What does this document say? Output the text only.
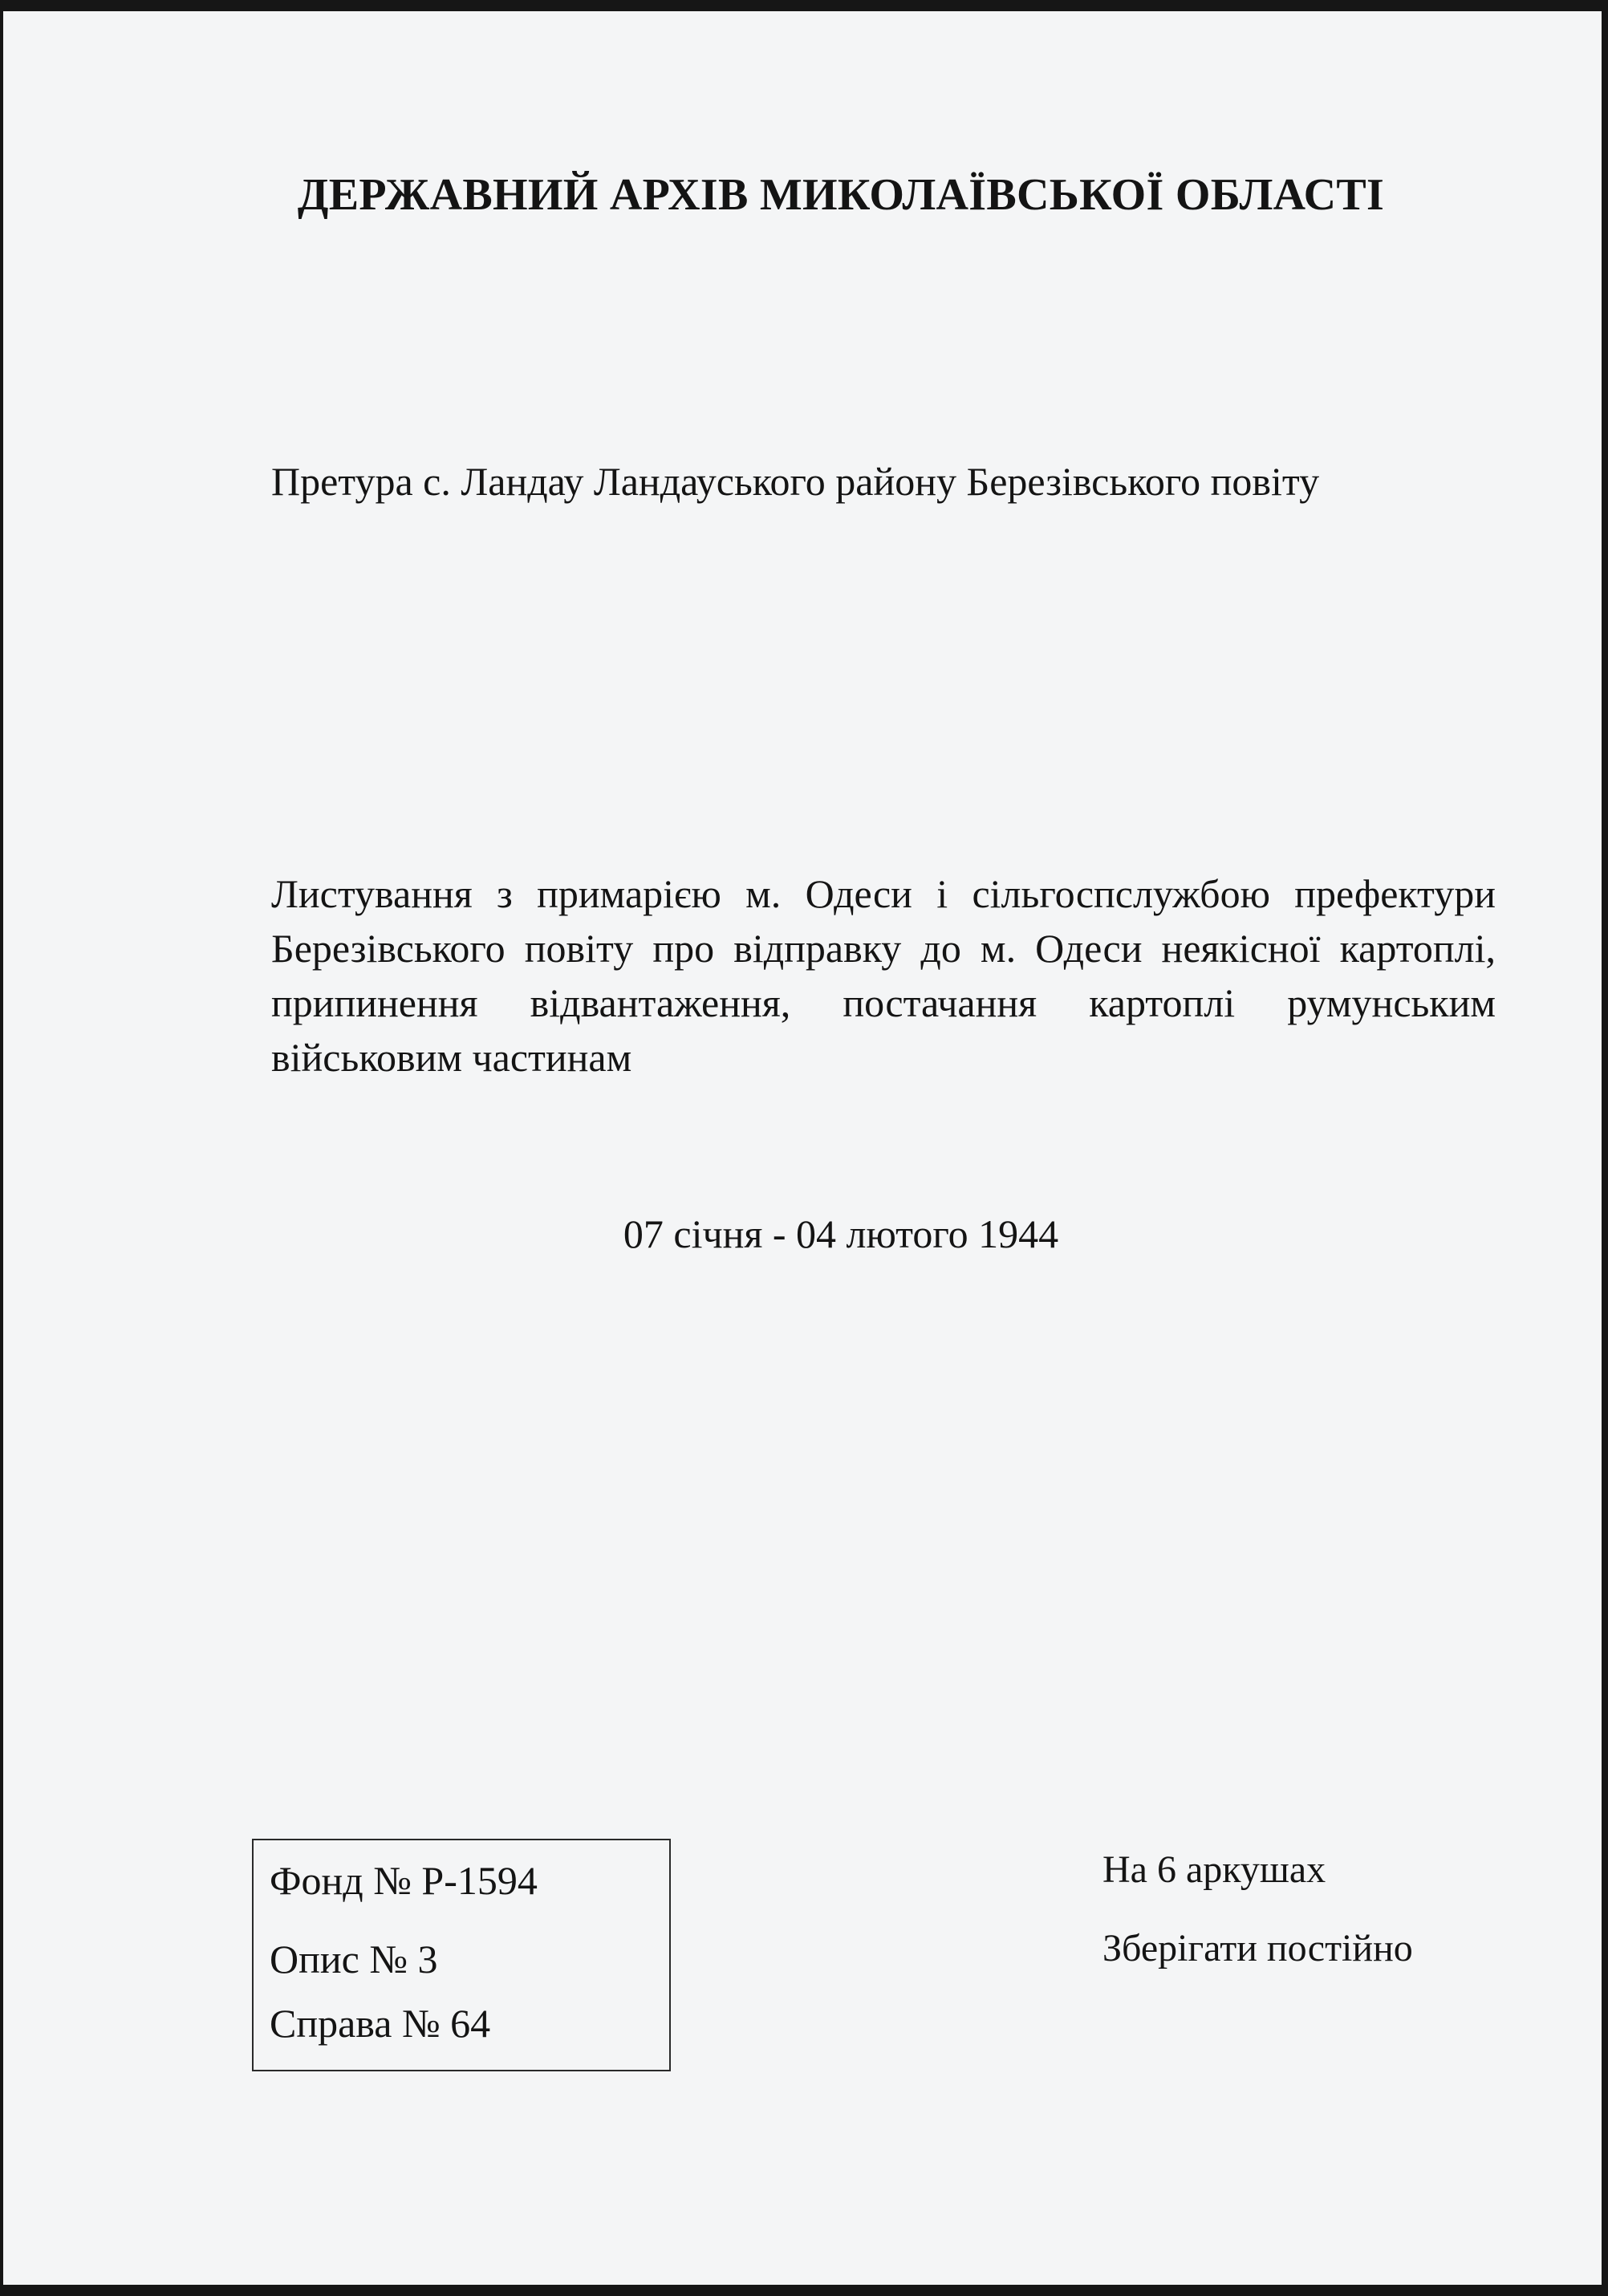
ДЕРЖАВНИЙ АРХІВ МИКОЛАЇВСЬКОЇ ОБЛАСТІ
Претура с. Ландау Ландауського району Березівського повіту
Листування з примарією м. Одеси і сільгоспслужбою префектури Березівського повіту про відправку до м. Одеси неякісної картоплі, припинення відвантаження, постачання картоплі румунським військовим частинам
07 січня - 04 лютого 1944
Фонд № Р-1594
Опис № 3
Справа № 64
На 6 аркушах
Зберігати постійно
